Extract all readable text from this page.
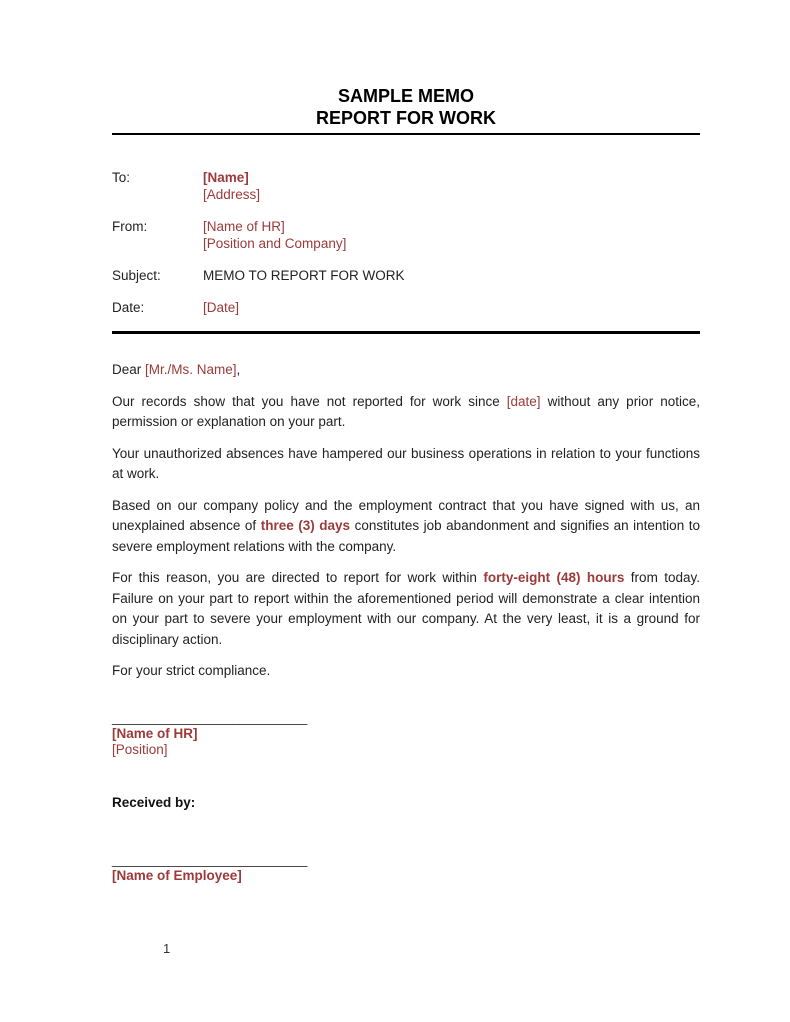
SAMPLE MEMO
REPORT FOR WORK
To:	[Name]
[Address]
From:	[Name of HR]
[Position and Company]
Subject:	MEMO TO REPORT FOR WORK
Date:	[Date]

Dear [Mr./Ms. Name],

Our records show that you have not reported for work since [date] without any prior notice, permission or explanation on your part.

Your unauthorized absences have hampered our business operations in relation to your functions at work.

Based on our company policy and the employment contract that you have signed with us, an unexplained absence of three (3) days constitutes job abandonment and signifies an intention to severe employment relations with the company.

For this reason, you are directed to report for work within forty-eight (48) hours from today. Failure on your part to report within the aforementioned period will demonstrate a clear intention on your part to severe your employment with our company. At the very least, it is a ground for disciplinary action.

For your strict compliance.

__________________________
[Name of HR]
[Position]
Received by:
__________________________
[Name of Employee]
1
